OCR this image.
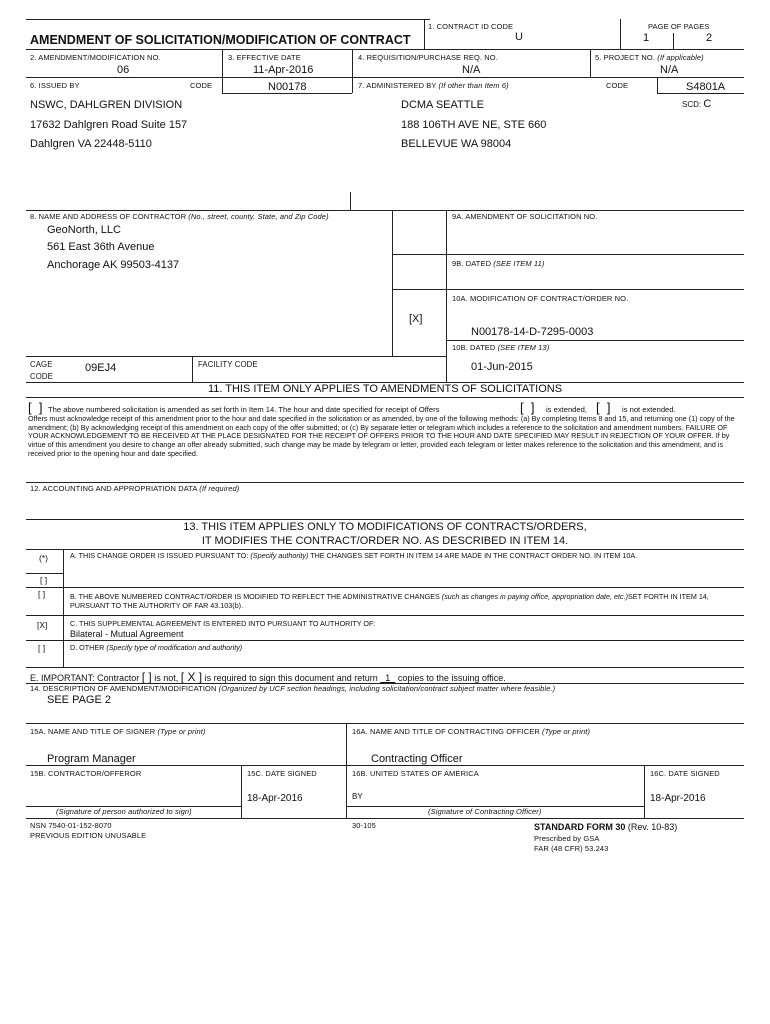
AMENDMENT OF SOLICITATION/MODIFICATION OF CONTRACT
1. CONTRACT ID CODE
U
PAGE OF PAGES
1	2
2. AMENDMENT/MODIFICATION NO.
06
3. EFFECTIVE DATE
11-Apr-2016
4. REQUISITION/PURCHASE REQ. NO.
N/A
5. PROJECT NO. (If applicable)
N/A
6. ISSUED BY	CODE	N00178	7. ADMINISTERED BY (If other than Item 6)	CODE	S4801A
NSWC, DAHLGREN DIVISION
17632 Dahlgren Road Suite 157
Dahlgren VA 22448-5110
DCMA SEATTLE
188 106TH AVE NE, STE 660
BELLEVUE WA 98004
SCD: C
8. NAME AND ADDRESS OF CONTRACTOR (No., street, county, State, and Zip Code)
GeoNorth, LLC
561 East 36th Avenue
Anchorage AK 99503-4137
9A. AMENDMENT OF SOLICITATION NO.
9B. DATED (SEE ITEM 11)
10A. MODIFICATION OF CONTRACT/ORDER NO.
[X]
N00178-14-D-7295-0003
10B. DATED (SEE ITEM 13)
01-Jun-2015
CAGE
CODE
09EJ4	FACILITY CODE
11. THIS ITEM ONLY APPLIES TO AMENDMENTS OF SOLICITATIONS
[  ] The above numbered solicitation is amended as set forth in Item 14. The hour and date specified for receipt of Offers	[  ] is extended, [  ] is not extended.
Offers must acknowledge receipt of this amendment prior to the hour and date specified in the solicitation or as amended, by one of the following methods: (a) By completing Items 8 and 15, and returning one (1) copy of the amendment; (b) By acknowledging receipt of this amendment on each copy of the offer submitted; or (c) By separate letter or telegram which includes a reference to the solicitation and amendment numbers. FAILURE OF YOUR ACKNOWLEDGEMENT TO BE RECEIVED AT THE PLACE DESIGNATED FOR THE RECEIPT OF OFFERS PRIOR TO THE HOUR AND DATE SPECIFIED MAY RESULT IN REJECTION OF YOUR OFFER. If by virtue of this amendment you desire to change an offer already submitted, such change may be made by telegram or letter, provided each telegram or letter makes reference to the solicitation and this amendment, and is received prior to the opening hour and date specified.
12. ACCOUNTING AND APPROPRIATION DATA (If required)
13. THIS ITEM APPLIES ONLY TO MODIFICATIONS OF CONTRACTS/ORDERS,
IT MODIFIES THE CONTRACT/ORDER NO. AS DESCRIBED IN ITEM 14.
(*)	A. THIS CHANGE ORDER IS ISSUED PURSUANT TO: (Specify authority) THE CHANGES SET FORTH IN ITEM 14 ARE MADE IN THE CONTRACT ORDER NO. IN ITEM 10A.
[ ]
[ ]	B. THE ABOVE NUMBERED CONTRACT/ORDER IS MODIFIED TO REFLECT THE ADMINISTRATIVE CHANGES (such as changes in paying office, appropriation date, etc.)SET FORTH IN ITEM 14, PURSUANT TO THE AUTHORITY OF FAR 43.103(b).
[X]	C. THIS SUPPLEMENTAL AGREEMENT IS ENTERED INTO PURSUANT TO AUTHORITY OF:
Bilateral - Mutual Agreement
[ ]	D. OTHER (Specify type of modification and authority)
E. IMPORTANT: Contractor [ ] is not, [ X ] is required to sign this document and return 1 copies to the issuing office.
14. DESCRIPTION OF AMENDMENT/MODIFICATION (Organized by UCF section headings, including solicitation/contract subject matter where feasible.)
SEE PAGE 2
15A. NAME AND TITLE OF SIGNER (Type or print)	16A. NAME AND TITLE OF CONTRACTING OFFICER (Type or print)
Program Manager	Contracting Officer
15B. CONTRACTOR/OFFEROR	15C. DATE SIGNED
18-Apr-2016
16B. UNITED STATES OF AMERICA
BY
16C. DATE SIGNED
18-Apr-2016
(Signature of person authorized to sign)	(Signature of Contracting Officer)
NSN 7540-01-152-8070
PREVIOUS EDITION UNUSABLE
30-105	STANDARD FORM 30 (Rev. 10-83)
Prescribed by GSA
FAR (48 CFR) 53.243
